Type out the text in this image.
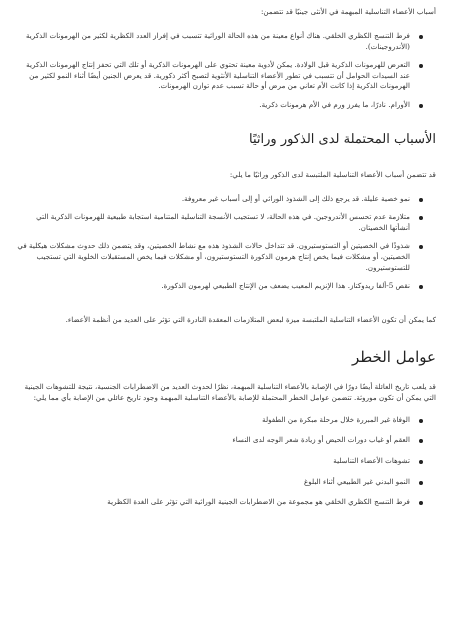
أسباب الأعضاء التناسلية المبهمة في الأنثى جينيًا قد تتضمن:

فرط التنسج الكظري الخلقي. هناك أنواع معينة من هذه الحالة الوراثية تتسبب في إفراز العدد الكظرية لكثير من الهرمونات الذكرية (الأندروجينات).
التعرض للهرمونات الذكرية قبل الولادة. يمكن لأدوية معينة تحتوي على الهرمونات الذكرية أو تلك التي تحفز إنتاج الهرمونات الذكرية عند السيدات الحوامل أن تتسبب في تطور الأعضاء التناسلية الأنثوية لتصبح أكثر ذكورية. قد يعرض الجنين أيضًا أثناء النمو لكثير من الهرمونات الذكرية إذا كانت الأم تعاني من مرض أو حالة تسبب عدم توازن الهرمونات.
الأورام. نادرًا، ما يفرز ورم في الأم هرمونات ذكرية.
الأسباب المحتملة لدى الذكور وراثيًا

قد تتضمن أسباب الأعضاء التناسلية الملتبسة لدى الذكور وراثيًا ما يلي:

نمو خصية عليلة. قد يرجع ذلك إلى الشذوذ الوراثي أو إلى أسباب غير معروفة.
متلازمة عدم تحسس الأندروجين. في هذه الحالة، لا تستجيب الأنسجة التناسلية المتنامية استجابة طبيعية للهرمونات الذكرية التي أنشأتها الخصيتان.
شذوذًا في الخصيتين أو التستوستيرون. قد تتداخل حالات الشذوذ هذه مع نشاط الخصيتين، وقد يتضمن ذلك حدوث مشكلات هيكلية في الخصيتين، أو مشكلات فيما يخص إنتاج هرمون الذكورة التستوستيرون، أو مشكلات فيما يخص المستقبلات الخلوية التي تستجيب للتستوستيرون.
نقص 5-ألفا ريدوكتاز. هذا الإنزيم المعيب يضعف من الإنتاج الطبيعي لهرمون الذكورة.

كما يمكن أن تكون الأعضاء التناسلية الملتبسة ميزة لبعض المتلازمات المعقدة النادرة التي تؤثر على العديد من أنظمة الأعضاء.

عوامل الخطر

قد يلعب تاريخ العائلة أيضًا دورًا في الإصابة بالأعضاء التناسلية المبهمة، نظرًا لحدوث العديد من الاضطرابات الجنسية، نتيجة للتشوهات الجينية التي يمكن أن تكون موروثة. تتضمن عوامل الخطر المحتملة للإصابة بالأعضاء التناسلية المبهمة وجود تاريخ عائلي من الإصابة بأي مما يلي:

الوفاة غير المبررة خلال مرحلة مبكرة من الطفولة
العقم أو غياب دورات الحيض أو زيادة شعر الوجه لدى النساء
تشوهات الأعضاء التناسلية
النمو البدني غير الطبيعي أثناء البلوغ
فرط التنسج الكظري الخلقي هو مجموعة من الاضطرابات الجينية الوراثية التي تؤثر على الغدة الكظرية
